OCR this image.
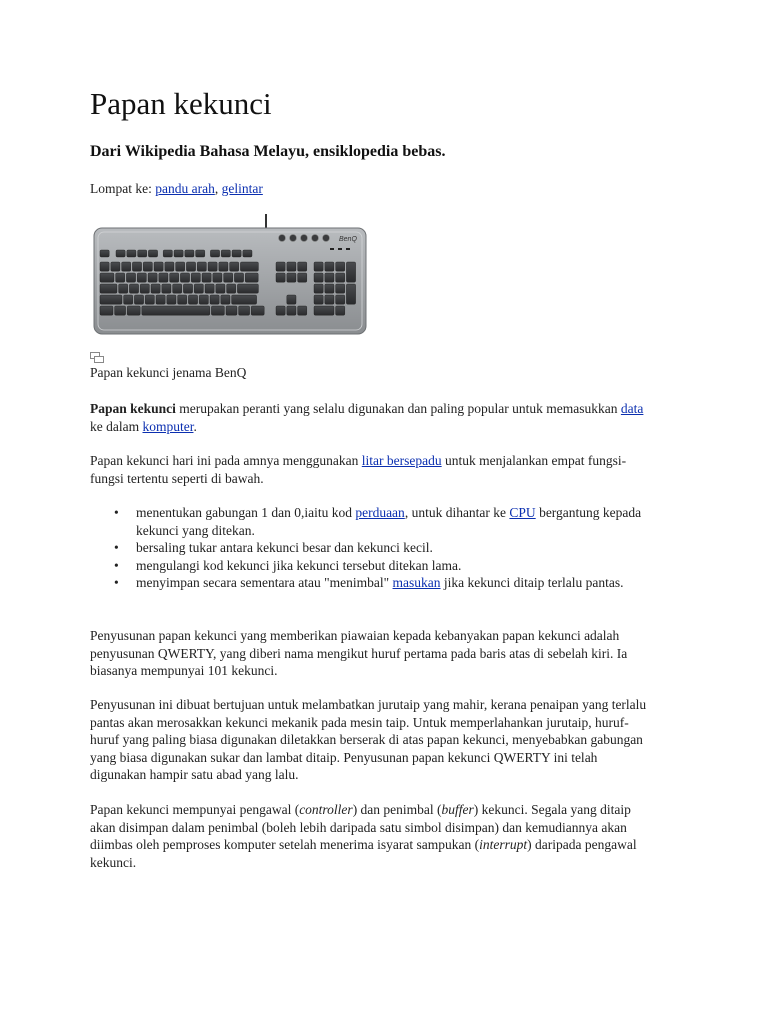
Papan kekunci

Dari Wikipedia Bahasa Melayu, ensiklopedia bebas.

Lompat ke: pandu arah, gelintar

BenQ

Papan kekunci jenama BenQ

Papan kekunci merupakan peranti yang selalu digunakan dan paling popular untuk memasukkan data ke dalam komputer.

Papan kekunci hari ini pada amnya menggunakan litar bersepadu untuk menjalankan empat fungsi-fungsi tertentu seperti di bawah.

• menentukan gabungan 1 dan 0,iaitu kod perduaan, untuk dihantar ke CPU bergantung kepada kekunci yang ditekan.
• bersaling tukar antara kekunci besar dan kekunci kecil.
• mengulangi kod kekunci jika kekunci tersebut ditekan lama.
• menyimpan secara sementara atau "menimbal" masukan jika kekunci ditaip terlalu pantas.

Penyusunan papan kekunci yang memberikan piawaian kepada kebanyakan papan kekunci adalah penyusunan QWERTY, yang diberi nama mengikut huruf pertama pada baris atas di sebelah kiri. Ia biasanya mempunyai 101 kekunci.

Penyusunan ini dibuat bertujuan untuk melambatkan jurutaip yang mahir, kerana penaipan yang terlalu pantas akan merosakkan kekunci mekanik pada mesin taip. Untuk memperlahankan jurutaip, huruf-huruf yang paling biasa digunakan diletakkan berserak di atas papan kekunci, menyebabkan gabungan yang biasa digunakan sukar dan lambat ditaip. Penyusunan papan kekunci QWERTY ini telah digunakan hampir satu abad yang lalu.

Papan kekunci mempunyai pengawal (controller) dan penimbal (buffer) kekunci. Segala yang ditaip akan disimpan dalam penimbal (boleh lebih daripada satu simbol disimpan) dan kemudiannya akan diimbas oleh pemproses komputer setelah menerima isyarat sampukan (interrupt) daripada pengawal kekunci.
